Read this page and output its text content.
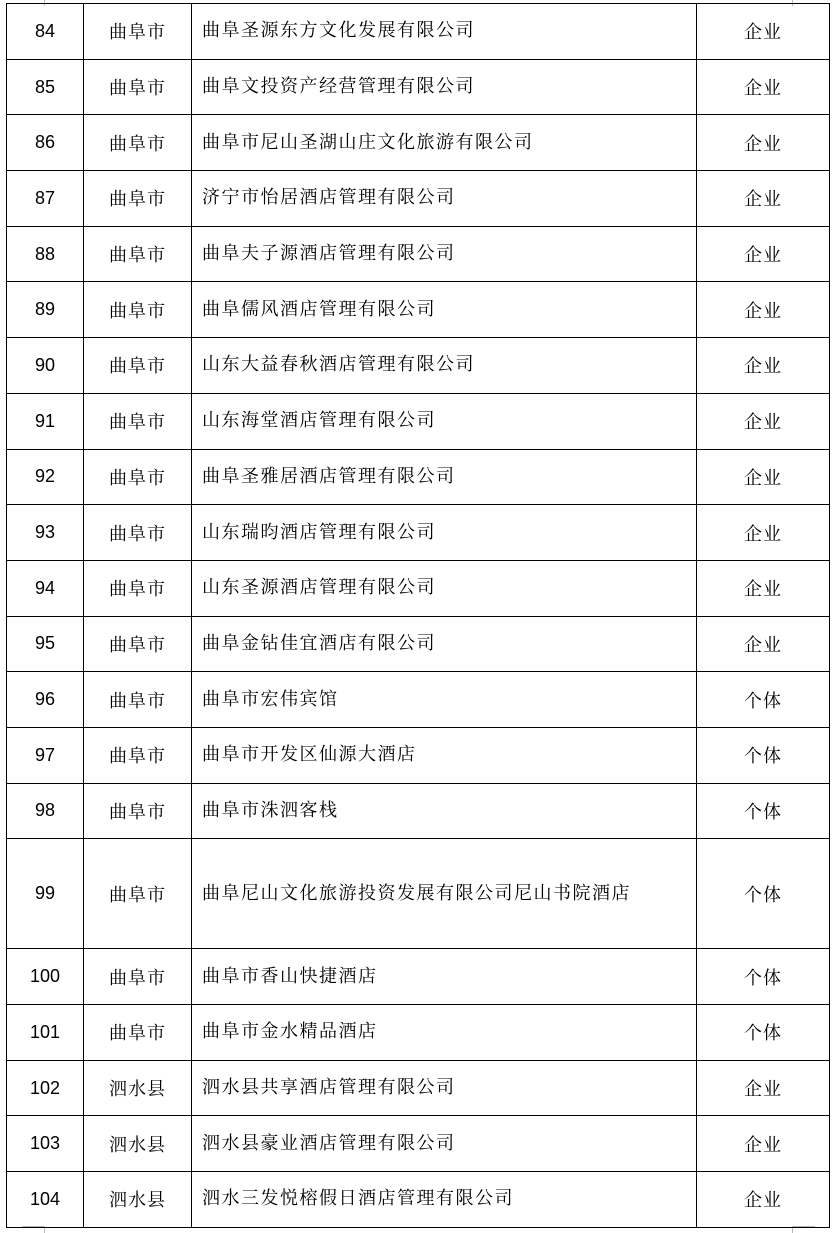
84	曲阜市	曲阜圣源东方文化发展有限公司	企业
85	曲阜市	曲阜文投资产经营管理有限公司	企业
86	曲阜市	曲阜市尼山圣湖山庄文化旅游有限公司	企业
87	曲阜市	济宁市怡居酒店管理有限公司	企业
88	曲阜市	曲阜夫子源酒店管理有限公司	企业
89	曲阜市	曲阜儒风酒店管理有限公司	企业
90	曲阜市	山东大益春秋酒店管理有限公司	企业
91	曲阜市	山东海堂酒店管理有限公司	企业
92	曲阜市	曲阜圣雅居酒店管理有限公司	企业
93	曲阜市	山东瑞昀酒店管理有限公司	企业
94	曲阜市	山东圣源酒店管理有限公司	企业
95	曲阜市	曲阜金钻佳宜酒店有限公司	企业
96	曲阜市	曲阜市宏伟宾馆	个体
97	曲阜市	曲阜市开发区仙源大酒店	个体
98	曲阜市	曲阜市洙泗客栈	个体
99	曲阜市	曲阜尼山文化旅游投资发展有限公司尼山书院酒店	个体
100	曲阜市	曲阜市香山快捷酒店	个体
101	曲阜市	曲阜市金水精品酒店	个体
102	泗水县	泗水县共享酒店管理有限公司	企业
103	泗水县	泗水县豪业酒店管理有限公司	企业
104	泗水县	泗水三发悦榕假日酒店管理有限公司	企业
